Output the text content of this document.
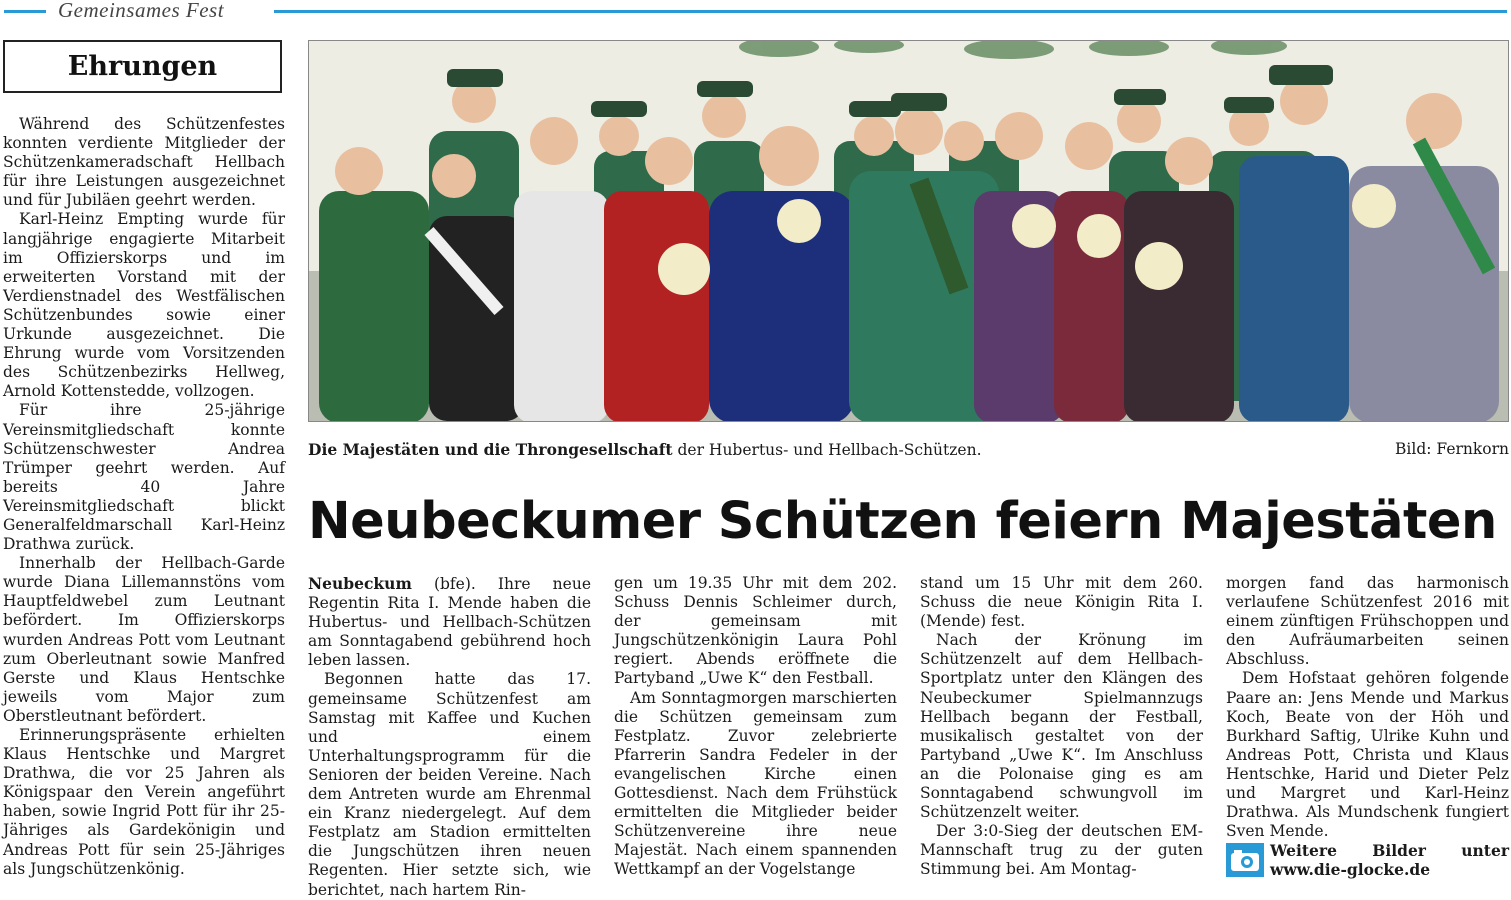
Gemeinsames Fest
Ehrungen

Während des Schützenfestes konnten verdiente Mitglieder der Schützenkameradschaft Hellbach für ihre Leistungen ausgezeichnet und für Jubiläen geehrt werden.

Karl-Heinz Empting wurde für langjährige engagierte Mitarbeit im Offizierskorps und im erweiterten Vorstand mit der Verdienstnadel des Westfälischen Schützenbundes sowie einer Urkunde ausgezeichnet. Die Ehrung wurde vom Vorsitzenden des Schützenbezirks Hellweg, Arnold Kottenstedde, vollzogen.

Für ihre 25-jährige Vereinsmitgliedschaft konnte Schützenschwester Andrea Trümper geehrt werden. Auf bereits 40 Jahre Vereinsmitgliedschaft blickt Generalfeldmarschall Karl-Heinz Drathwa zurück.

Innerhalb der Hellbach-Garde wurde Diana Lillemannstöns vom Hauptfeldwebel zum Leutnant befördert. Im Offizierskorps wurden Andreas Pott vom Leutnant zum Oberleutnant sowie Manfred Gerste und Klaus Hentschke jeweils vom Major zum Oberstleutnant befördert.

Erinnerungspräsente erhielten Klaus Hentschke und Margret Drathwa, die vor 25 Jahren als Königspaar den Verein angeführt haben, sowie Ingrid Pott für ihr 25-Jähriges als Gardekönigin und Andreas Pott für sein 25-Jähriges als Jungschützenkönig.

Die Majestäten und die Throngesellschaft der Hubertus- und Hellbach-Schützen.	Bild: Fernkorn
Neubeckumer Schützen feiern Majestäten

Neubeckum (bfe). Ihre neue Regentin Rita I. Mende haben die Hubertus- und Hellbach-Schützen am Sonntagabend gebührend hoch leben lassen.

Begonnen hatte das 17. gemeinsame Schützenfest am Samstag mit Kaffee und Kuchen und einem Unterhaltungsprogramm für die Senioren der beiden Vereine. Nach dem Antreten wurde am Ehrenmal ein Kranz niedergelegt. Auf dem Festplatz am Stadion ermittelten die Jungschützen ihren neuen Regenten. Hier setzte sich, wie berichtet, nach hartem Rin-

gen um 19.35 Uhr mit dem 202. Schuss Dennis Schleimer durch, der gemeinsam mit Jungschützenkönigin Laura Pohl regiert. Abends eröffnete die Partyband „Uwe K“ den Festball.

Am Sonntagmorgen marschierten die Schützen gemeinsam zum Festplatz. Zuvor zelebrierte Pfarrerin Sandra Fedeler in der evangelischen Kirche einen Gottesdienst. Nach dem Frühstück ermittelten die Mitglieder beider Schützenvereine ihre neue Majestät. Nach einem spannenden Wettkampf an der Vogelstange

stand um 15 Uhr mit dem 260. Schuss die neue Königin Rita I. (Mende) fest.

Nach der Krönung im Schützenzelt auf dem Hellbach-Sportplatz unter den Klängen des Neubeckumer Spielmannzugs Hellbach begann der Festball, musikalisch gestaltet von der Partyband „Uwe K“. Im Anschluss an die Polonaise ging es am Sonntagabend schwungvoll im Schützenzelt weiter.

Der 3:0-Sieg der deutschen EM-Mannschaft trug zu der guten Stimmung bei. Am Montag-

morgen fand das harmonisch verlaufene Schützenfest 2016 mit einem zünftigen Frühschoppen und den Aufräumarbeiten seinen Abschluss.

Dem Hofstaat gehören folgende Paare an: Jens Mende und Markus Koch, Beate von der Höh und Burkhard Saftig, Ulrike Kuhn und Andreas Pott, Christa und Klaus Hentschke, Harid und Dieter Pelz und Margret und Karl-Heinz Drathwa. Als Mundschenk fungiert Sven Mende.

Weitere Bilder unter
www.die-glocke.de
